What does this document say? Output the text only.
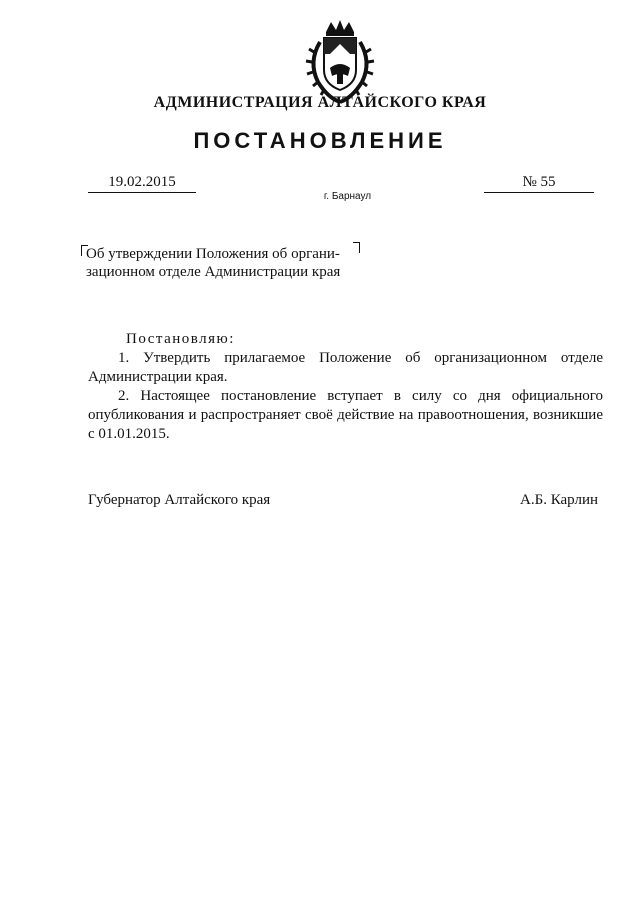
АДМИНИСТРАЦИЯ АЛТАЙСКОГО КРАЯ
ПОСТАНОВЛЕНИЕ
19.02.2015	№ 55
г. Барнаул
Об утверждении Положения об органи-
зационном отделе Администрации края

Постановляю:

1. Утвердить прилагаемое Положение об организационном отделе Администрации края.

2. Настоящее постановление вступает в силу со дня официального опубликования и распространяет своё действие на правоотношения, возникшие с 01.01.2015.

Губернатор Алтайского края	А.Б. Карлин
